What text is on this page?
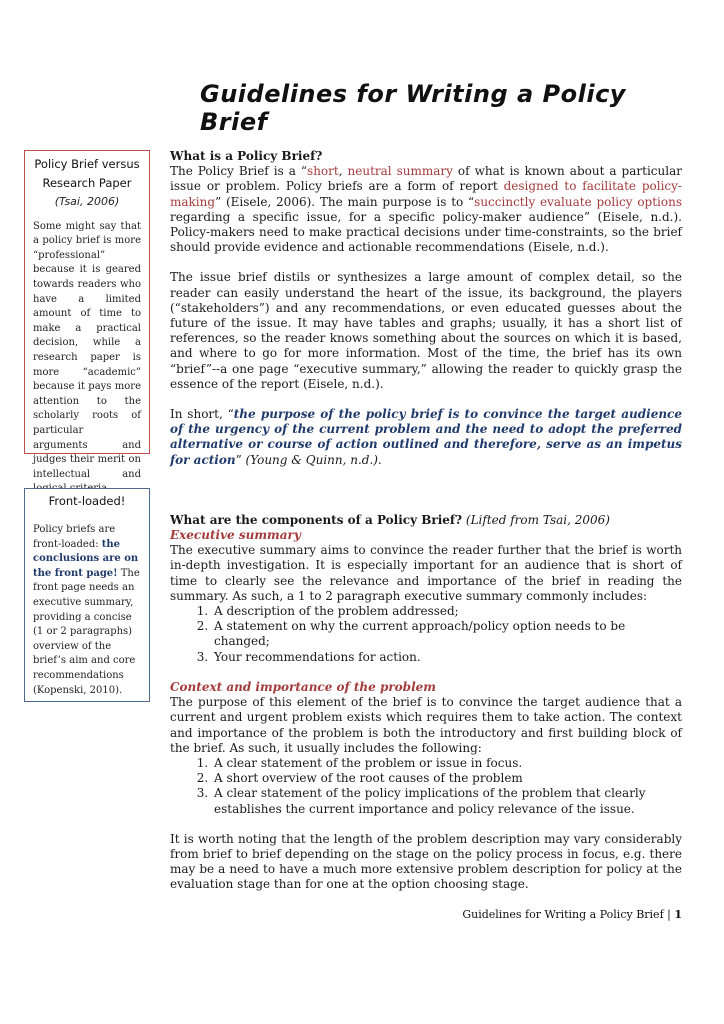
Guidelines for Writing a Policy Brief
Policy Brief versus
Research Paper
(Tsai, 2006)
Some might say that a policy brief is more “professional” because it is geared towards readers who have a limited amount of time to make a practical decision, while a research paper is more “academic” because it pays more attention to the scholarly roots of particular arguments and judges their merit on intellectual and
Front-loaded!
Policy briefs are front-loaded: the conclusions are on the front page! The front page needs an executive summary, providing a concise (1 or 2 paragraphs) overview of the brief’s aim and core recommendations (Kopenski, 2010).

What is a Policy Brief?

The Policy Brief is a “short, neutral summary of what is known about a particular issue or problem. Policy briefs are a form of report designed to facilitate policy-making” (Eisele, 2006). The main purpose is to “succinctly evaluate policy options regarding a specific issue, for a specific policy-maker audience” (Eisele, n.d.). Policy-makers need to make practical decisions under time-constraints, so the brief should provide evidence and actionable recommendations (Eisele, n.d.).

The issue brief distils or synthesizes a large amount of complex detail, so the reader can easily understand the heart of the issue, its background, the players (“stakeholders”) and any recommendations, or even educated guesses about the future of the issue. It may have tables and graphs; usually, it has a short list of references, so the reader knows something about the sources on which it is based, and where to go for more information. Most of the time, the brief has its own “brief”--a one page “executive summary,” allowing the reader to quickly grasp the essence of the report (Eisele, n.d.).

In short, “the purpose of the policy brief is to convince the target audience of the urgency of the current problem and the need to adopt the preferred alternative or course of action outlined and therefore, serve as an impetus for action” (Young & Quinn, n.d.).

What are the components of a Policy Brief? (Lifted from Tsai, 2006)

Executive summary

The executive summary aims to convince the reader further that the brief is worth in-depth investigation. It is especially important for an audience that is short of time to clearly see the relevance and importance of the brief in reading the summary. As such, a 1 to 2 paragraph executive summary commonly includes:

1. A description of the problem addressed;
2. A statement on why the current approach/policy option needs to be changed;
3. Your recommendations for action.

Context and importance of the problem

The purpose of this element of the brief is to convince the target audience that a current and urgent problem exists which requires them to take action. The context and importance of the problem is both the introductory and first building block of the brief. As such, it usually includes the following:

1. A clear statement of the problem or issue in focus.
2. A short overview of the root causes of the problem
3. A clear statement of the policy implications of the problem that clearly establishes the current importance and policy relevance of the issue.

It is worth noting that the length of the problem description may vary considerably from brief to brief depending on the stage on the policy process in focus, e.g. there may be a need to have a much more extensive problem description for policy at the evaluation stage than for one at the option choosing stage.

Guidelines for Writing a Policy Brief | 1
